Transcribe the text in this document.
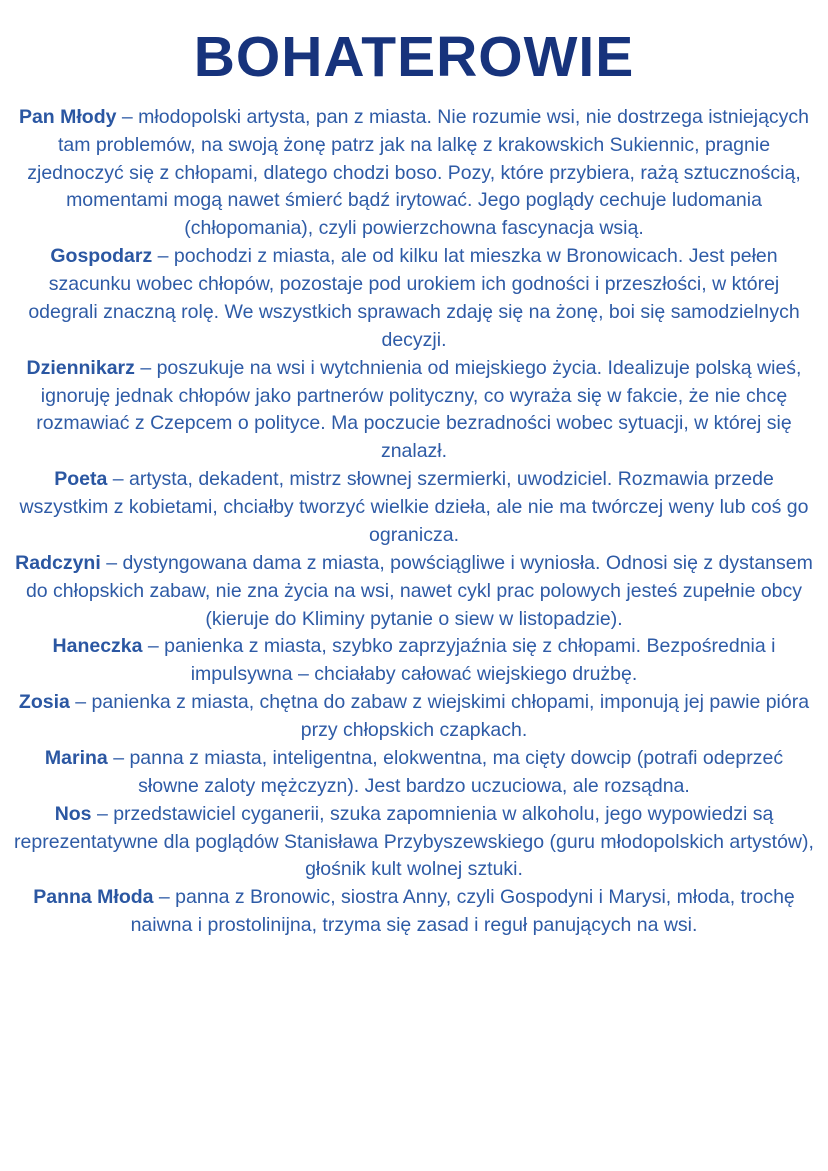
BOHATEROWIE

Pan Młody – młodopolski artysta, pan z miasta. Nie rozumie wsi, nie dostrzega istniejących tam problemów, na swoją żonę patrz jak na lalkę z krakowskich Sukiennic, pragnie zjednoczyć się z chłopami, dlatego chodzi boso. Pozy, które przybiera, rażą sztucznością, momentami mogą nawet śmierć bądź irytować. Jego poglądy cechuje ludomania (chłopomania), czyli powierzchowna fascynacja wsią.

Gospodarz – pochodzi z miasta, ale od kilku lat mieszka w Bronowicach. Jest pełen szacunku wobec chłopów, pozostaje pod urokiem ich godności i przeszłości, w której odegrali znaczną rolę. We wszystkich sprawach zdaję się na żonę, boi się samodzielnych decyzji.

Dziennikarz – poszukuje na wsi i wytchnienia od miejskiego życia. Idealizuje polską wieś, ignoruję jednak chłopów jako partnerów polityczny, co wyraża się w fakcie, że nie chcę rozmawiać z Czepcem o polityce. Ma poczucie bezradności wobec sytuacji, w której się znalazł.

Poeta – artysta, dekadent, mistrz słownej szermierki, uwodziciel. Rozmawia przede wszystkim z kobietami, chciałby tworzyć wielkie dzieła, ale nie ma twórczej weny lub coś go ogranicza.

Radczyni – dystyngowana dama z miasta, powściągliwe i wyniosła. Odnosi się z dystansem do chłopskich zabaw, nie zna życia na wsi, nawet cykl prac polowych jesteś zupełnie obcy (kieruje do Kliminy pytanie o siew w listopadzie).

Haneczka – panienka z miasta, szybko zaprzyjaźnia się z chłopami. Bezpośrednia i impulsywna – chciałaby całować wiejskiego drużbę.

Zosia – panienka z miasta, chętna do zabaw z wiejskimi chłopami, imponują jej pawie pióra przy chłopskich czapkach.

Marina – panna z miasta, inteligentna, elokwentna, ma cięty dowcip (potrafi odeprzeć słowne zaloty mężczyzn). Jest bardzo uczuciowa, ale rozsądna.

Nos – przedstawiciel cyganerii, szuka zapomnienia w alkoholu, jego wypowiedzi są reprezentatywne dla poglądów Stanisława Przybyszewskiego (guru młodopolskich artystów), głośnik kult wolnej sztuki.

Panna Młoda – panna z Bronowic, siostra Anny, czyli Gospodyni i Marysi, młoda, trochę naiwna i prostolinijna, trzyma się zasad i reguł panujących na wsi.
